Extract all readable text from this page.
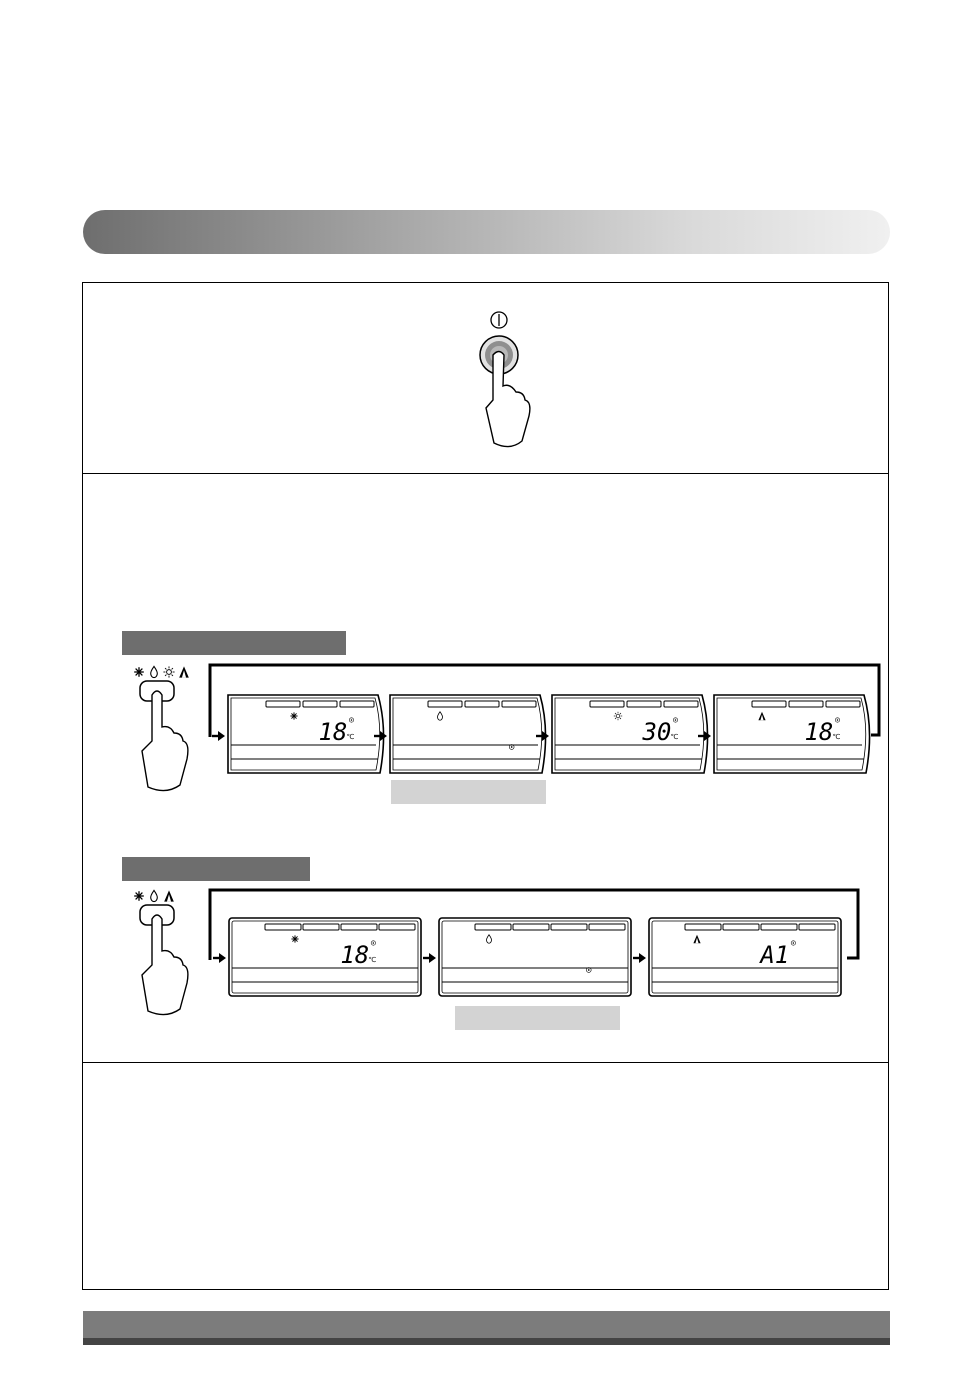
18 ℃	30 ℃	18 ℃
18 ℃	A1
